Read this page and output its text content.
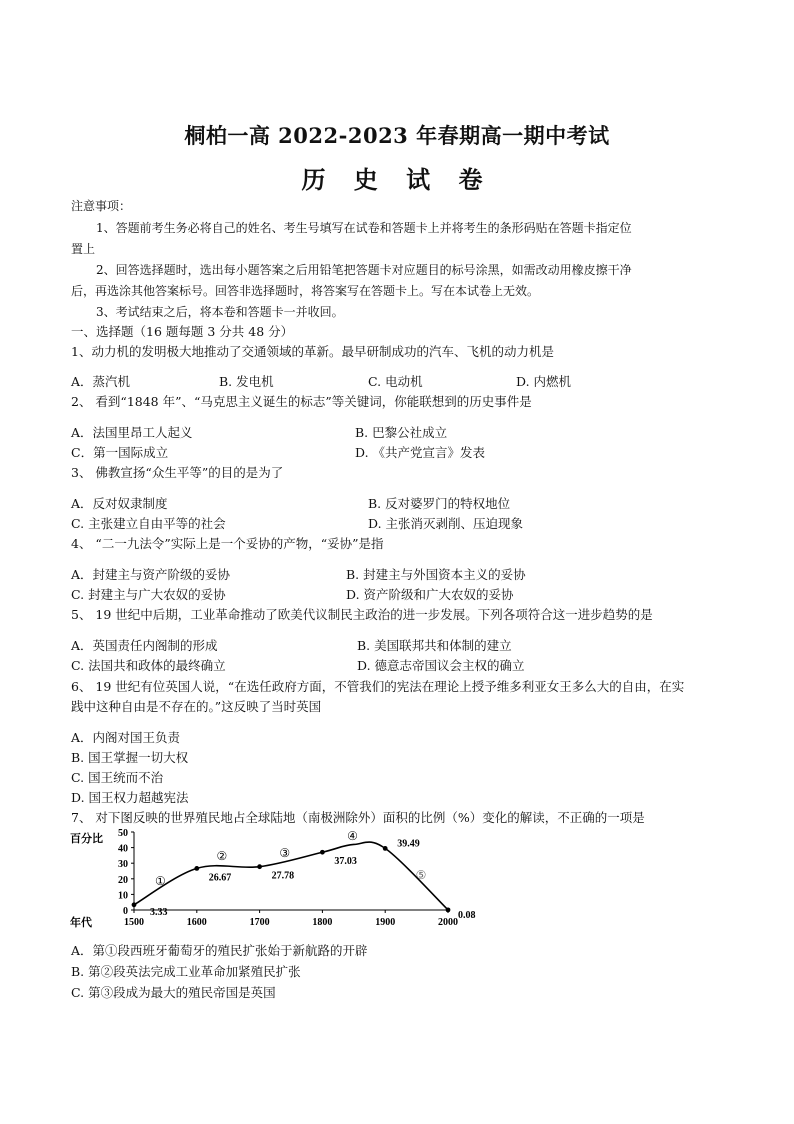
桐柏一高 2022-2023 年春期高一期中考试
历 史 试 卷
注意事项：
1、答题前考生务必将自己的姓名、考生号填写在试卷和答题卡上并将考生的条形码贴在答题卡指定位
置上
2、回答选择题时，选出每小题答案之后用铅笔把答题卡对应题目的标号涂黑，如需改动用橡皮擦干净
后，再选涂其他答案标号。回答非选择题时，将答案写在答题卡上。写在本试卷上无效。
3、考试结束之后，将本卷和答题卡一并收回。
一、选择题（16 题每题 3 分共 48 分）
1、动力机的发明极大地推动了交通领域的革新。最早研制成功的汽车、飞机的动力机是
A．蒸汽机	B. 发电机	C. 电动机	D. 内燃机
2、 看到“1848 年”、“马克思主义诞生的标志”等关键词，你能联想到的历史事件是
A．法国里昂工人起义	B. 巴黎公社成立
C．第一国际成立	D. 《共产党宣言》发表
3、 佛教宣扬“众生平等”的目的是为了
A．反对奴隶制度	B. 反对婆罗门的特权地位
C. 主张建立自由平等的社会	D. 主张消灭剥削、压迫现象
4、 “二一九法令”实际上是一个妥协的产物，“妥协”是指
A．封建主与资产阶级的妥协	B. 封建主与外国资本主义的妥协
C. 封建主与广大农奴的妥协	D. 资产阶级和广大农奴的妥协
5、 19 世纪中后期，工业革命推动了欧美代议制民主政治的进一步发展。下列各项符合这一进步趋势的是
A．英国责任内阁制的形成	B. 美国联邦共和体制的建立
C. 法国共和政体的最终确立	D. 德意志帝国议会主权的确立
6、 19 世纪有位英国人说，“在选任政府方面，不管我们的宪法在理论上授予维多利亚女王多么大的自由，在实
践中这种自由是不存在的。”这反映了当时英国
A．内阁对国王负责
B. 国王掌握一切大权
C. 国王统而不治
D. 国王权力超越宪法
7、 对下图反映的世界殖民地占全球陆地（南极洲除外）面积的比例（%）变化的解读，不正确的一项是
百分比
年代
0
10
20
30
40
50
1500	1600	1700	1800	1900	2000
3.33
26.67	27.78
37.03
39.49
0.08
①
②	③
④
⑤
A．第①段西班牙葡萄牙的殖民扩张始于新航路的开辟
B. 第②段英法完成工业革命加紧殖民扩张
C. 第③段成为最大的殖民帝国是英国
